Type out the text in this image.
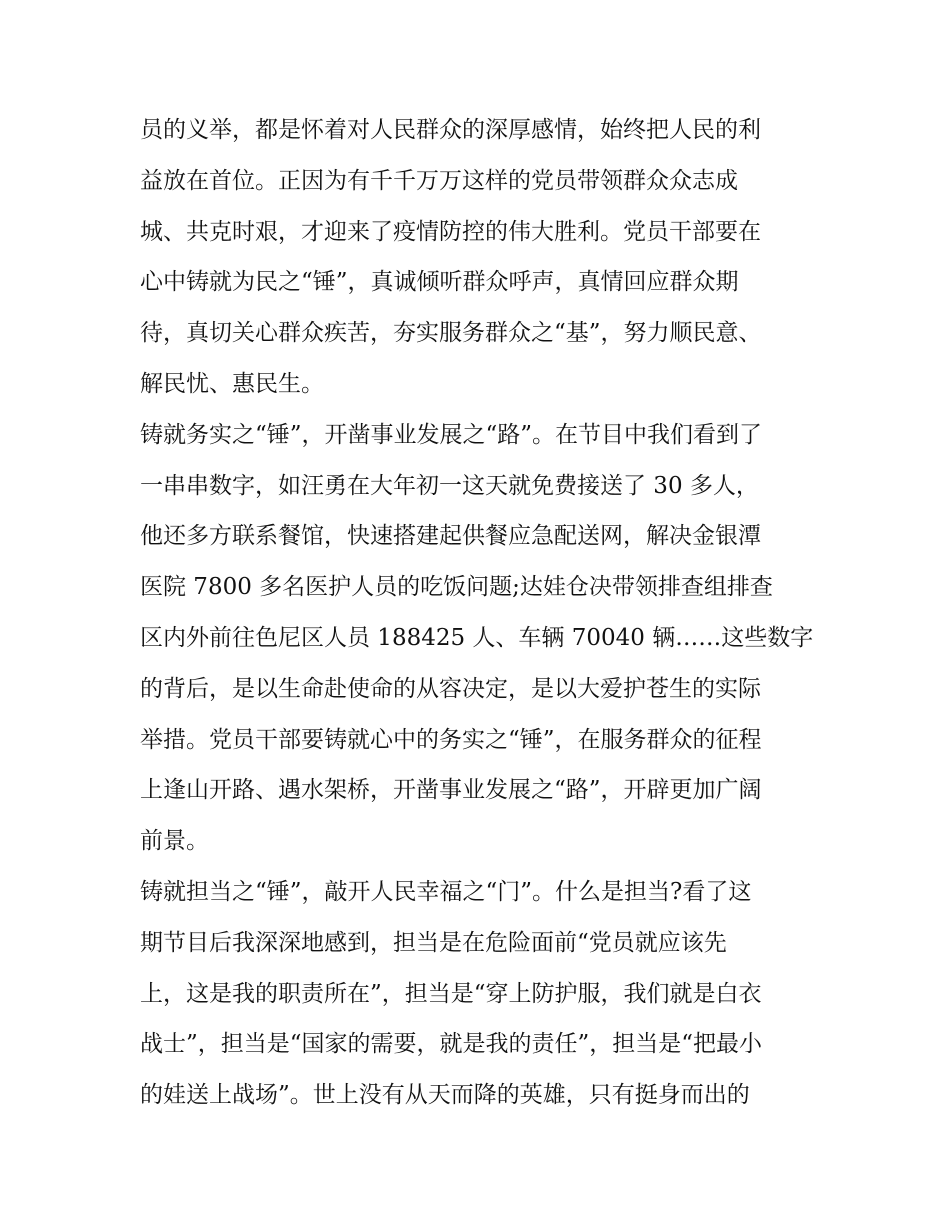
员的义举，都是怀着对人民群众的深厚感情，始终把人民的利
益放在首位。正因为有千千万万这样的党员带领群众众志成
城、共克时艰，才迎来了疫情防控的伟大胜利。党员干部要在
心中铸就为民之“锤”，真诚倾听群众呼声，真情回应群众期
待，真切关心群众疾苦，夯实服务群众之“基”，努力顺民意、
解民忧、惠民生。
铸就务实之“锤”，开凿事业发展之“路”。在节目中我们看到了
一串串数字，如汪勇在大年初一这天就免费接送了 30 多人，
他还多方联系餐馆，快速搭建起供餐应急配送网，解决金银潭
医院 7800 多名医护人员的吃饭问题;达娃仓决带领排查组排查
区内外前往色尼区人员 188425 人、车辆 70040 辆……这些数字
的背后，是以生命赴使命的从容决定，是以大爱护苍生的实际
举措。党员干部要铸就心中的务实之“锤”，在服务群众的征程
上逢山开路、遇水架桥，开凿事业发展之“路”，开辟更加广阔
前景。
铸就担当之“锤”，敲开人民幸福之“门”。什么是担当?看了这
期节目后我深深地感到，担当是在危险面前“党员就应该先
上，这是我的职责所在”，担当是“穿上防护服，我们就是白衣
战士”，担当是“国家的需要，就是我的责任”，担当是“把最小
的娃送上战场”。世上没有从天而降的英雄，只有挺身而出的
